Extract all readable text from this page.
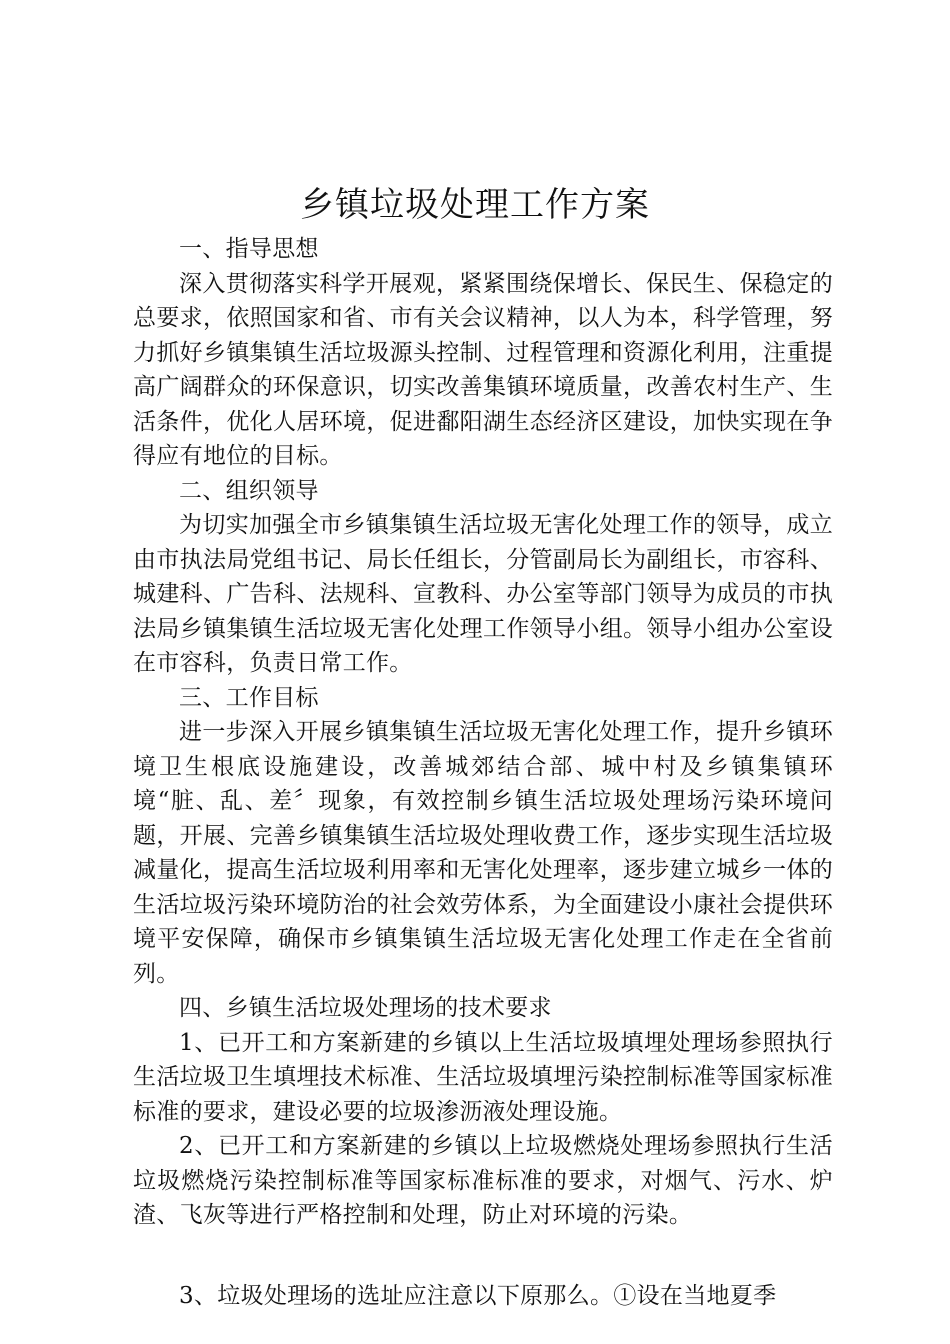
乡镇垃圾处理工作方案

一、指导思想

深入贯彻落实科学开展观，紧紧围绕保增长、保民生、保稳定的总要求，依照国家和省、市有关会议精神，以人为本，科学管理，努力抓好乡镇集镇生活垃圾源头控制、过程管理和资源化利用，注重提高广阔群众的环保意识，切实改善集镇环境质量，改善农村生产、生活条件，优化人居环境，促进鄱阳湖生态经济区建设，加快实现在争得应有地位的目标。

二、组织领导

为切实加强全市乡镇集镇生活垃圾无害化处理工作的领导，成立由市执法局党组书记、局长任组长，分管副局长为副组长，市容科、城建科、广告科、法规科、宣教科、办公室等部门领导为成员的市执法局乡镇集镇生活垃圾无害化处理工作领导小组。领导小组办公室设在市容科，负责日常工作。

三、工作目标

进一步深入开展乡镇集镇生活垃圾无害化处理工作，提升乡镇环境卫生根底设施建设，改善城郊结合部、城中村及乡镇集镇环境“脏、乱、差〞现象，有效控制乡镇生活垃圾处理场污染环境问题，开展、完善乡镇集镇生活垃圾处理收费工作，逐步实现生活垃圾减量化，提高生活垃圾利用率和无害化处理率，逐步建立城乡一体的生活垃圾污染环境防治的社会效劳体系，为全面建设小康社会提供环境平安保障，确保市乡镇集镇生活垃圾无害化处理工作走在全省前列。

四、乡镇生活垃圾处理场的技术要求

1、已开工和方案新建的乡镇以上生活垃圾填埋处理场参照执行生活垃圾卫生填埋技术标准、生活垃圾填埋污染控制标准等国家标准标准的要求，建设必要的垃圾渗沥液处理设施。

2、已开工和方案新建的乡镇以上垃圾燃烧处理场参照执行生活垃圾燃烧污染控制标准等国家标准标准的要求，对烟气、污水、炉渣、飞灰等进行严格控制和处理，防止对环境的污染。

3、垃圾处理场的选址应注意以下原那么。①设在当地夏季
